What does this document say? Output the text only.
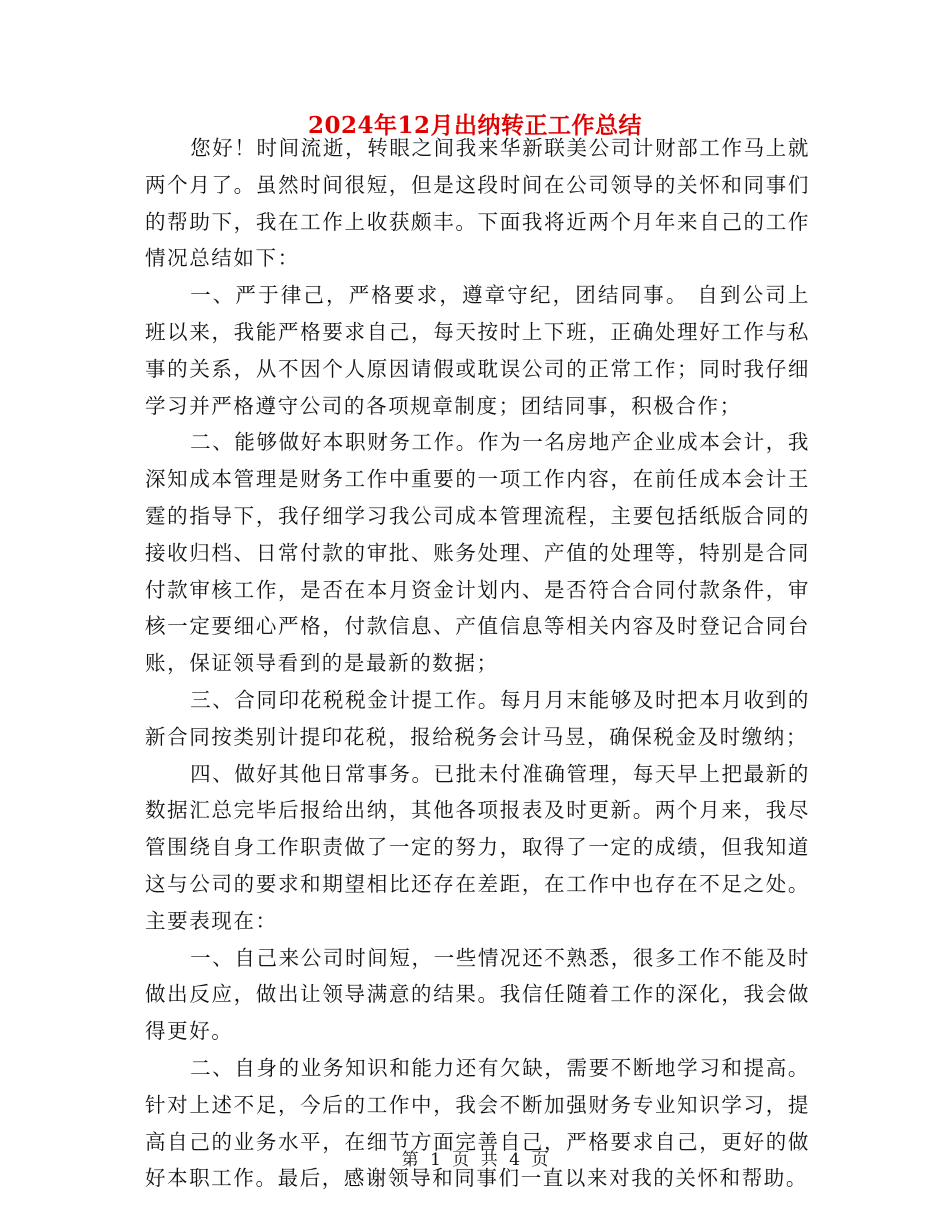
2024年12月出纳转正工作总结

您好！时间流逝，转眼之间我来华新联美公司计财部工作马上就两个月了。虽然时间很短，但是这段时间在公司领导的关怀和同事们的帮助下，我在工作上收获颇丰。下面我将近两个月年来自己的工作情况总结如下：

一、严于律己，严格要求，遵章守纪，团结同事。 自到公司上班以来，我能严格要求自己，每天按时上下班，正确处理好工作与私事的关系，从不因个人原因请假或耽误公司的正常工作；同时我仔细学习并严格遵守公司的各项规章制度；团结同事，积极合作；

二、能够做好本职财务工作。作为一名房地产企业成本会计，我深知成本管理是财务工作中重要的一项工作内容，在前任成本会计王霆的指导下，我仔细学习我公司成本管理流程，主要包括纸版合同的接收归档、日常付款的审批、账务处理、产值的处理等，特别是合同付款审核工作，是否在本月资金计划内、是否符合合同付款条件，审核一定要细心严格，付款信息、产值信息等相关内容及时登记合同台账，保证领导看到的是最新的数据；

三、合同印花税税金计提工作。每月月末能够及时把本月收到的新合同按类别计提印花税，报给税务会计马昱，确保税金及时缴纳；

四、做好其他日常事务。已批未付准确管理，每天早上把最新的数据汇总完毕后报给出纳，其他各项报表及时更新。两个月来，我尽管围绕自身工作职责做了一定的努力，取得了一定的成绩，但我知道这与公司的要求和期望相比还存在差距，在工作中也存在不足之处。主要表现在：

一、自己来公司时间短，一些情况还不熟悉，很多工作不能及时做出反应，做出让领导满意的结果。我信任随着工作的深化，我会做得更好。

二、自身的业务知识和能力还有欠缺，需要不断地学习和提高。针对上述不足，今后的工作中，我会不断加强财务专业知识学习，提高自己的业务水平，在细节方面完善自己，严格要求自己，更好的做好本职工作。最后，感谢领导和同事们一直以来对我的关怀和帮助。

第 1 页 共 4 页
